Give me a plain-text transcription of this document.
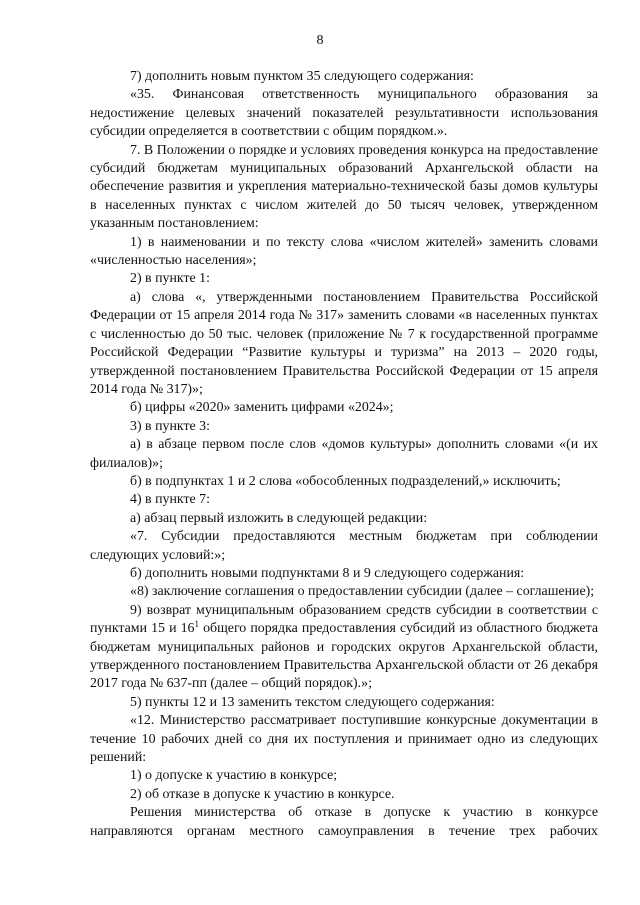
8

7) дополнить новым пунктом 35 следующего содержания:

«35. Финансовая ответственность муниципального образования за недостижение целевых значений показателей результативности использования субсидии определяется в соответствии с общим порядком.».

7. В Положении о порядке и условиях проведения конкурса на предоставление субсидий бюджетам муниципальных образований Архангельской области на обеспечение развития и укрепления материально-технической базы домов культуры в населенных пунктах с числом жителей до 50 тысяч человек, утвержденном указанным постановлением:

1) в наименовании и по тексту слова «числом жителей» заменить словами «численностью населения»;

2) в пункте 1:

а) слова «, утвержденными постановлением Правительства Российской Федерации от 15 апреля 2014 года № 317» заменить словами «в населенных пунктах с численностью до 50 тыс. человек (приложение № 7 к государственной программе Российской Федерации “Развитие культуры и туризма” на 2013 – 2020 годы, утвержденной постановлением Правительства Российской Федерации от 15 апреля 2014 года № 317)»;

б) цифры «2020» заменить цифрами «2024»;

3) в пункте 3:

а) в абзаце первом после слов «домов культуры» дополнить словами «(и их филиалов)»;

б) в подпунктах 1 и 2 слова «обособленных подразделений,» исключить;

4) в пункте 7:

а) абзац первый изложить в следующей редакции:

«7. Субсидии предоставляются местным бюджетам при соблюдении следующих условий:»;

б) дополнить новыми подпунктами 8 и 9 следующего содержания:

«8) заключение соглашения о предоставлении субсидии (далее – соглашение);

9) возврат муниципальным образованием средств субсидии в соответствии с пунктами 15 и $16^1$ общего порядка предоставления субсидий из областного бюджета бюджетам муниципальных районов и городских округов Архангельской области, утвержденного постановлением Правительства Архангельской области от 26 декабря 2017 года № 637-пп (далее – общий порядок).»;

5) пункты 12 и 13 заменить текстом следующего содержания:

«12. Министерство рассматривает поступившие конкурсные документации в течение 10 рабочих дней со дня их поступления и принимает одно из следующих решений:

1) о допуске к участию в конкурсе;

2) об отказе в допуске к участию в конкурсе.

Решения министерства об отказе в допуске к участию в конкурсе направляются органам местного самоуправления в течение трех рабочих
